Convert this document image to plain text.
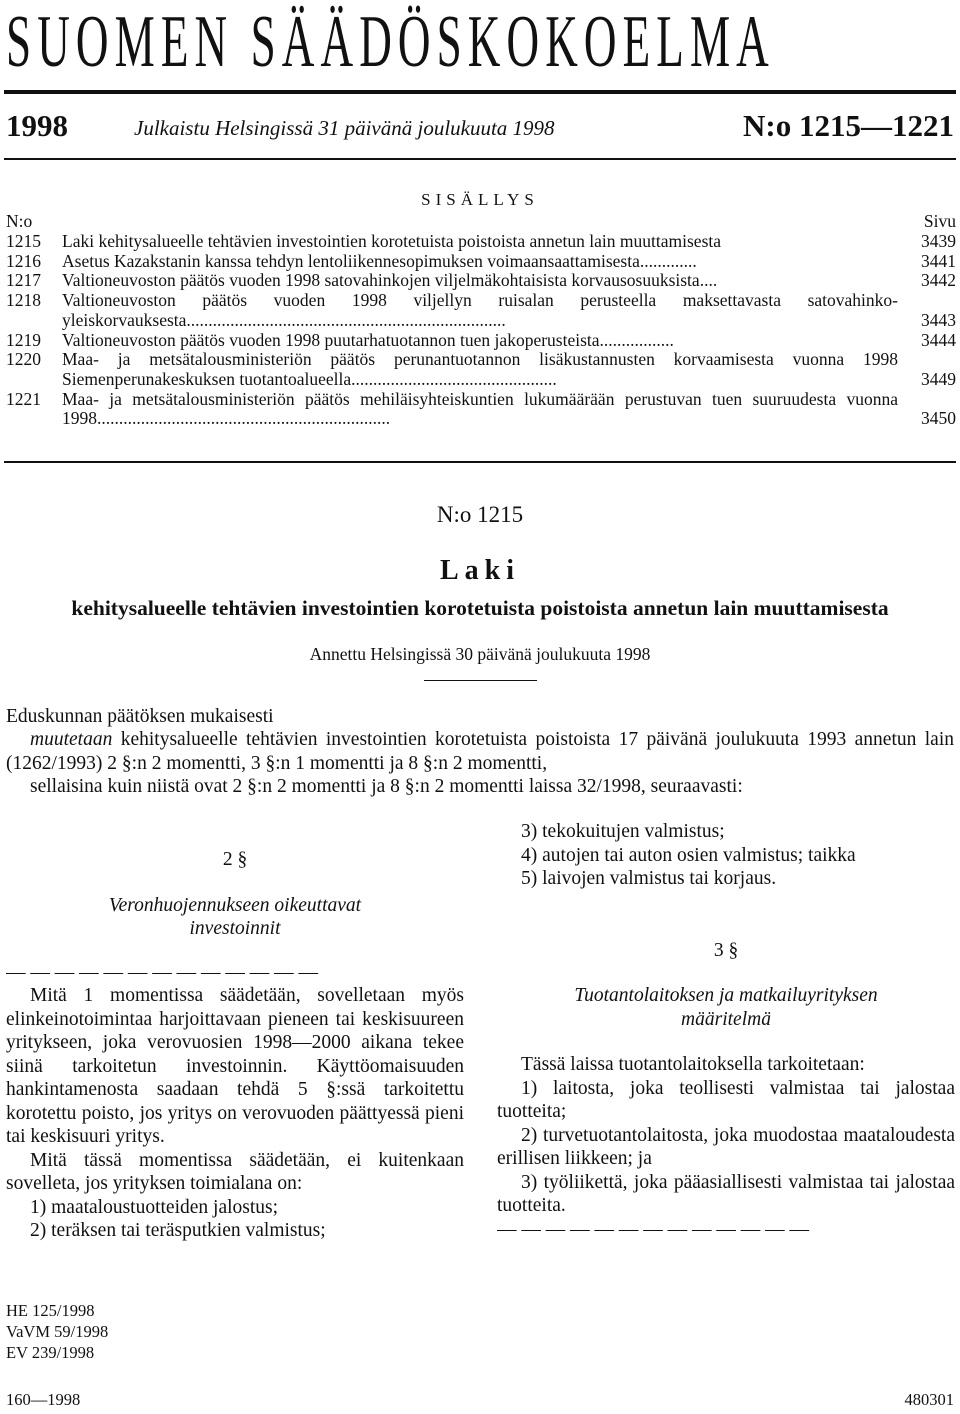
SUOMEN SÄÄDÖSKOKOELMA
1998	Julkaistu Helsingissä 31 päivänä joulukuuta 1998	N:o 1215—1221
SISÄLLYS
N:o	Sivu
1215 Laki kehitysalueelle tehtävien investointien korotetuista poistoista annetun lain muuttamisesta	3439
1216 Asetus Kazakstanin kanssa tehdyn lentoliikennesopimuksen voimaansaattamisesta.............	3441
1217 Valtioneuvoston päätös vuoden 1998 satovahinkojen viljelmäkohtaisista korvausosuuksista....	3442
1218 Valtioneuvoston päätös vuoden 1998 viljellyn ruisalan perusteella maksettavasta satovahinko-yleiskorvauksesta.........................................................................	3443
1219 Valtioneuvoston päätös vuoden 1998 puutarhatuotannon tuen jakoperusteista.................	3444
1220 Maa- ja metsätalousministeriön päätös perunantuotannon lisäkustannusten korvaamisesta vuonna 1998 Siemenperunakeskuksen tuotantoalueella...............................................	3449
1221 Maa- ja metsätalousministeriön päätös mehiläisyhteiskuntien lukumäärään perustuvan tuen suuruudesta vuonna 1998...................................................................	3450
N:o 1215
Laki
kehitysalueelle tehtävien investointien korotetuista poistoista annetun lain muuttamisesta
Annettu Helsingissä 30 päivänä joulukuuta 1998

Eduskunnan päätöksen mukaisesti

muutetaan kehitysalueelle tehtävien investointien korotetuista poistoista 17 päivänä joulukuuta 1993 annetun lain (1262/1993) 2 §:n 2 momentti, 3 §:n 1 momentti ja 8 §:n 2 momentti,

sellaisina kuin niistä ovat 2 §:n 2 momentti ja 8 §:n 2 momentti laissa 32/1998, seuraavasti:

2 §
Veronhuojennukseen oikeuttavat
investoinnit
— — — — — — — — — — — — —

Mitä 1 momentissa säädetään, sovelletaan myös elinkeinotoimintaa harjoittavaan pieneen tai keskisuureen yritykseen, joka verovuosien 1998—2000 aikana tekee siinä tarkoitetun investoinnin. Käyttöomaisuuden hankintamenosta saadaan tehdä 5 §:ssä tarkoitettu korotettu poisto, jos yritys on verovuoden päättyessä pieni tai keskisuuri yritys.

Mitä tässä momentissa säädetään, ei kuitenkaan sovelleta, jos yrityksen toimialana on:

1) maataloustuotteiden jalostus;

2) teräksen tai teräsputkien valmistus;

3) tekokuitujen valmistus;

4) autojen tai auton osien valmistus; taikka

5) laivojen valmistus tai korjaus.

3 §
Tuotantolaitoksen ja matkailuyrityksen
määritelmä

Tässä laissa tuotantolaitoksella tarkoitetaan:

1) laitosta, joka teollisesti valmistaa tai jalostaa tuotteita;

2) turvetuotantolaitosta, joka muodostaa maataloudesta erillisen liikkeen; ja

3) työliikettä, joka pääasiallisesti valmistaa tai jalostaa tuotteita.

— — — — — — — — — — — — —
HE 125/1998
VaVM 59/1998
EV 239/1998
160—1998	480301
